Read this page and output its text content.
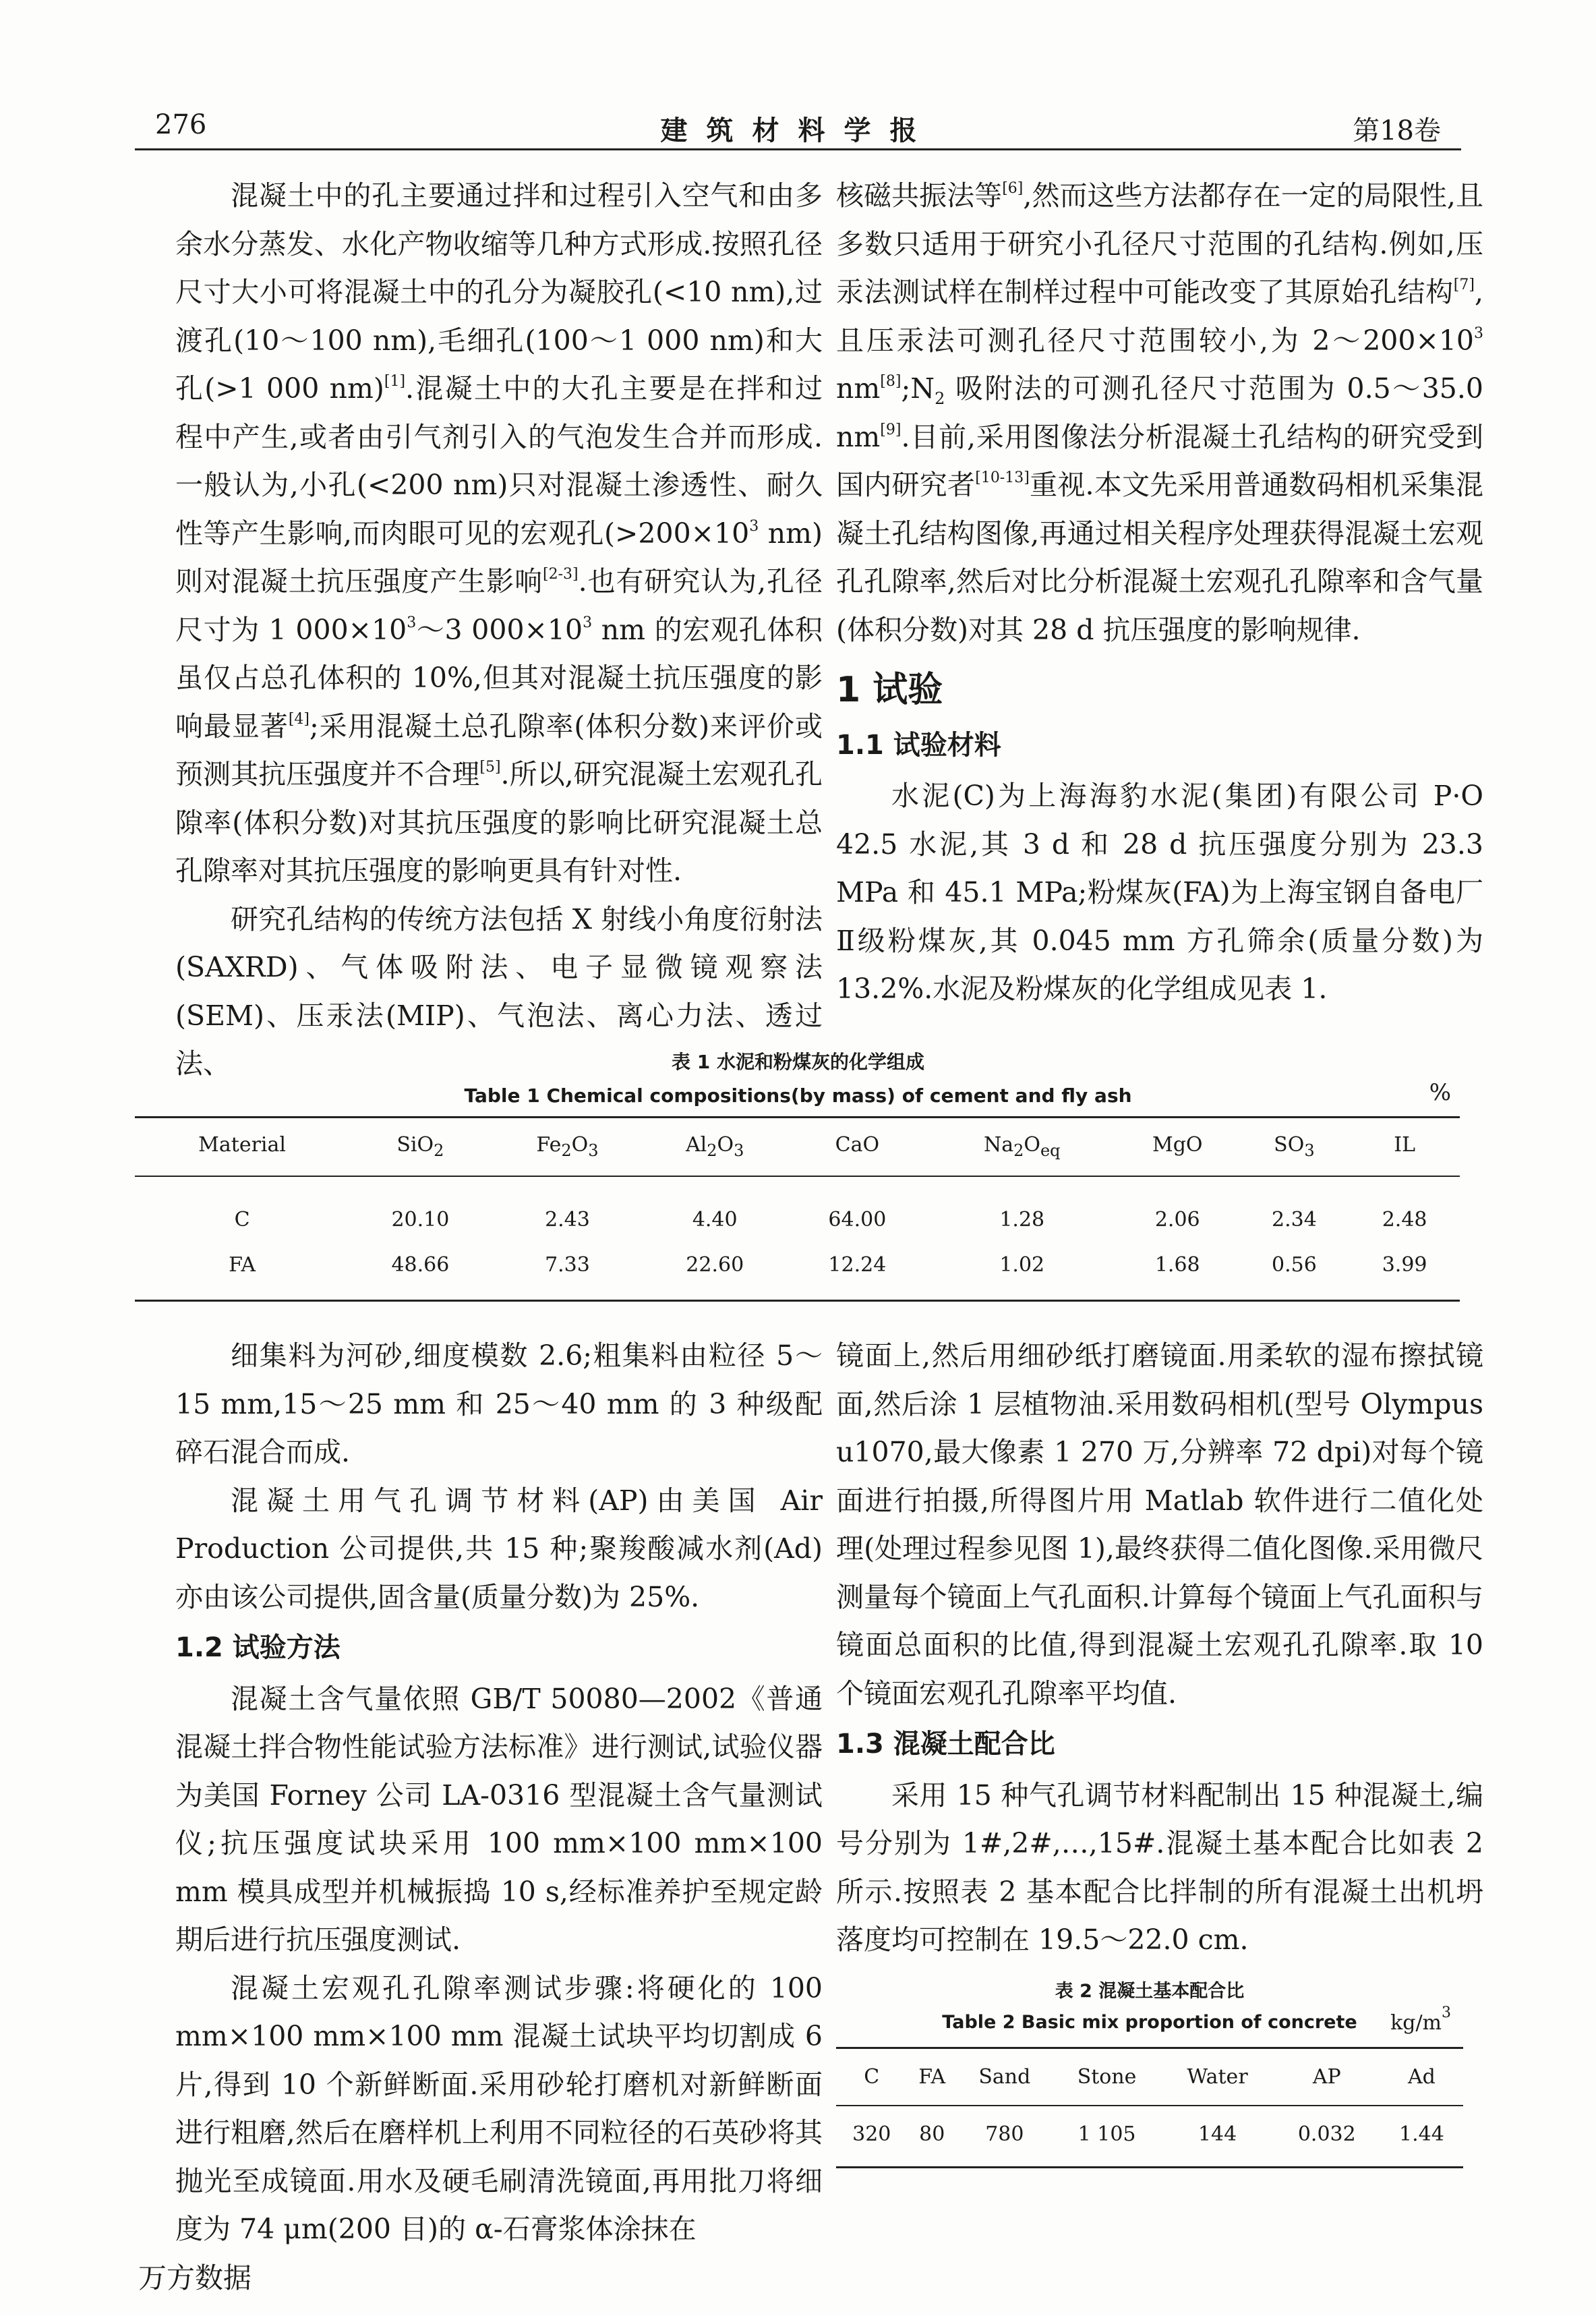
276	建筑材料学报	第18卷

混凝土中的孔主要通过拌和过程引入空气和由多余水分蒸发、水化产物收缩等几种方式形成.按照孔径尺寸大小可将混凝土中的孔分为凝胶孔(<10 nm),过渡孔(10～100 nm),毛细孔(100～1 000 nm)和大孔(>1 000 nm)[1].混凝土中的大孔主要是在拌和过程中产生,或者由引气剂引入的气泡发生合并而形成.一般认为,小孔(<200 nm)只对混凝土渗透性、耐久性等产生影响,而肉眼可见的宏观孔($>200\times 10^3$ nm)则对混凝土抗压强度产生影响[2-3].也有研究认为,孔径尺寸为 1 $000\times 10^3\sim 3$ $000\times 10^3$ nm 的宏观孔体积虽仅占总孔体积的 10%,但其对混凝土抗压强度的影响最显著[4];采用混凝土总孔隙率(体积分数)来评价或预测其抗压强度并不合理[5].所以,研究混凝土宏观孔孔隙率(体积分数)对其抗压强度的影响比研究混凝土总孔隙率对其抗压强度的影响更具有针对性.

研究孔结构的传统方法包括 X 射线小角度衍射法(SAXRD)、气体吸附法、电子显微镜观察法(SEM)、压汞法(MIP)、气泡法、离心力法、透过法、

核磁共振法等[6],然而这些方法都存在一定的局限性,且多数只适用于研究小孔径尺寸范围的孔结构.例如,压汞法测试样在制样过程中可能改变了其原始孔结构[7],且压汞法可测孔径尺寸范围较小,为 $2\sim 200\times 10^3$ $nm[8];N_2$ 吸附法的可测孔径尺寸范围为 0.5～35.0 nm[9].目前,采用图像法分析混凝土孔结构的研究受到国内研究者[10-13]重视.本文先采用普通数码相机采集混凝土孔结构图像,再通过相关程序处理获得混凝土宏观孔孔隙率,然后对比分析混凝土宏观孔孔隙率和含气量(体积分数)对其 28 d 抗压强度的影响规律.

1 试验
1.1 试验材料

水泥(C)为上海海豹水泥(集团)有限公司 P·O 42.5 水泥,其 3 d 和 28 d 抗压强度分别为 23.3 MPa 和 45.1 MPa;粉煤灰(FA)为上海宝钢自备电厂Ⅱ级粉煤灰,其 0.045 mm 方孔筛余(质量分数)为 13.2%.水泥及粉煤灰的化学组成见表 1.

表 1 水泥和粉煤灰的化学组成
Table 1 Chemical compositions(by mass) of cement and fly ash	%
Material	SiO$_2$	$Fe_2O_3$	$Al_2O_3$	CaO	$Na_2O_{eq}$	MgO	$SO_3$	IL
C	20.10	2.43	4.40	64.00	1.28	2.06	2.34	2.48
FA	48.66	7.33	22.60	12.24	1.02	1.68	0.56	3.99

细集料为河砂,细度模数 2.6;粗集料由粒径 5～15 mm,15～25 mm 和 25～40 mm 的 3 种级配碎石混合而成.

混凝土用气孔调节材料(AP)由美国 Air Production 公司提供,共 15 种;聚羧酸减水剂(Ad)亦由该公司提供,固含量(质量分数)为 25%.

1.2 试验方法

混凝土含气量依照 GB/T 50080—2002《普通混凝土拌合物性能试验方法标准》进行测试,试验仪器为美国 Forney 公司 LA-0316 型混凝土含气量测试仪;抗压强度试块采用 100 mm×100 mm×100 mm 模具成型并机械振捣 10 s,经标准养护至规定龄期后进行抗压强度测试.

混凝土宏观孔孔隙率测试步骤:将硬化的 100 mm×100 mm×100 mm 混凝土试块平均切割成 6 片,得到 10 个新鲜断面.采用砂轮打磨机对新鲜断面进行粗磨,然后在磨样机上利用不同粒径的石英砂将其抛光至成镜面.用水及硬毛刷清洗镜面,再用批刀将细度为 74 μm(200 目)的 α-石膏浆体涂抹在

镜面上,然后用细砂纸打磨镜面.用柔软的湿布擦拭镜面,然后涂 1 层植物油.采用数码相机(型号 Olympus u1070,最大像素 1 270 万,分辨率 72 dpi)对每个镜面进行拍摄,所得图片用 Matlab 软件进行二值化处理(处理过程参见图 1),最终获得二值化图像.采用微尺测量每个镜面上气孔面积.计算每个镜面上气孔面积与镜面总面积的比值,得到混凝土宏观孔孔隙率.取 10 个镜面宏观孔孔隙率平均值.

1.3 混凝土配合比

采用 15 种气孔调节材料配制出 15 种混凝土,编号分别为 1#,2#,…,15#.混凝土基本配合比如表 2 所示.按照表 2 基本配合比拌制的所有混凝土出机坍落度均可控制在 19.5～22.0 cm.

表 2 混凝土基本配合比
Table 2 Basic mix proportion of concrete	$kg/m^3$
C	FA	Sand	Stone	Water	AP	Ad
320	80	780	1 105	144	0.032	1.44
万方数据
